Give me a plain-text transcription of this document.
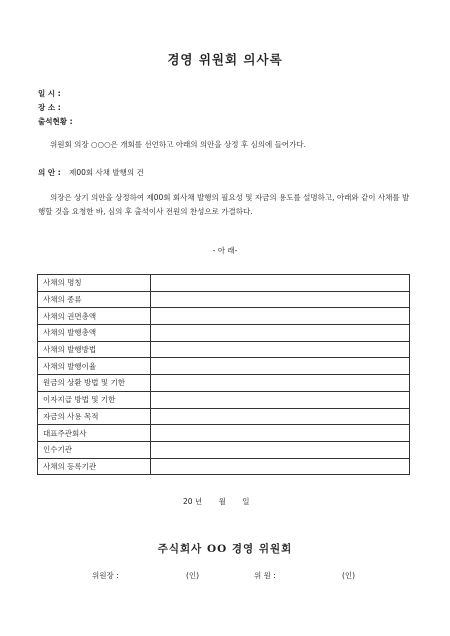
경영 위원회 의사록
일 시 :
장 소 :
출석현황 :
위원회 의장 ○○○은 개회를 선언하고 아래의 의안을 상정 후 심의에 들어가다.
의 안 : 제00회 사채 발행의 건
의장은 상기 의안을 상정하여 제00회 회사채 발행의 필요성 및 자금의 용도를 설명하고, 아래와 같이 사채를 발행할 것을 요청한 바, 심의 후 출석이사 전원의 찬성으로 가결하다.
- 아 래-
사채의 명칭	
사채의 종류	
사채의 권면총액	
사채의 발행총액	
사채의 발행방법	
사채의 발행이율	
원금의 상환 방법 및 기한	
이자지급 방법 및 기한	
자금의 사용 목적	
대표주관회사	
인수기관	
사채의 등록기관	
20 년 월 일
주식회사 OO 경영 위원회
위원장 :	(인)	위 원 :	(인)
